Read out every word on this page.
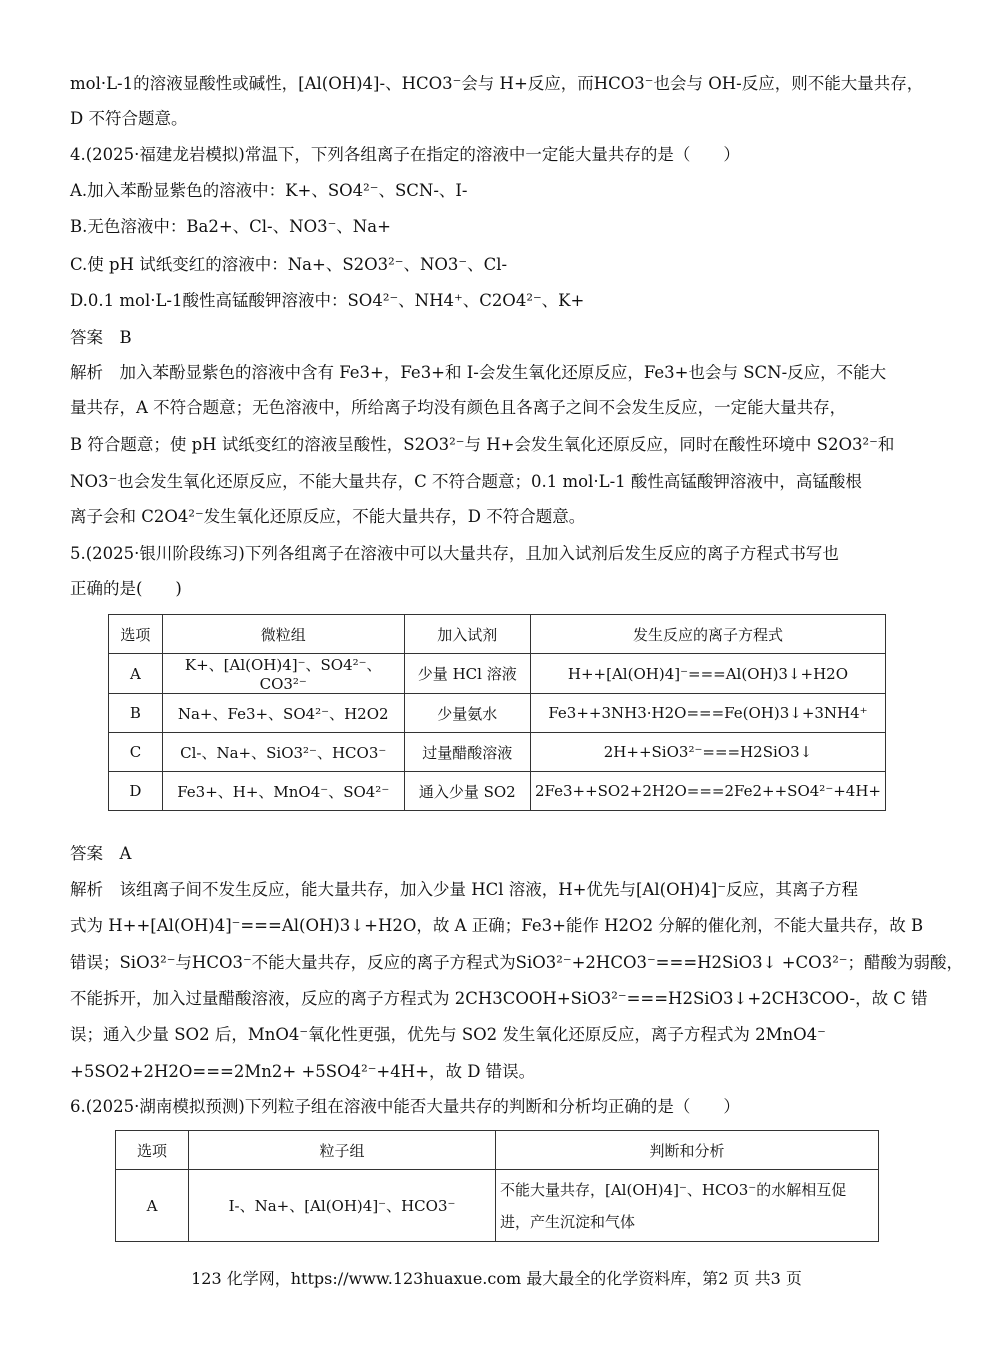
mol·L-1的溶液显酸性或碱性，[Al(OH)4]-、HCO3⁻会与 H+反应，而HCO3⁻也会与 OH-反应，则不能大量共存，
D 不符合题意。
4.(2025·福建龙岩模拟)常温下，下列各组离子在指定的溶液中一定能大量共存的是（　　）
A.加入苯酚显紫色的溶液中：K+、SO4²⁻、SCN-、I-
B.无色溶液中：Ba2+、Cl-、NO3⁻、Na+
C.使 pH 试纸变红的溶液中：Na+、S2O3²⁻、NO3⁻、Cl-
D.0.1 mol·L-1酸性高锰酸钾溶液中：SO4²⁻、NH4⁺、C2O4²⁻、K+
答案　B
解析　加入苯酚显紫色的溶液中含有 Fe3+，Fe3+和 I-会发生氧化还原反应，Fe3+也会与 SCN-反应，不能大
量共存，A 不符合题意；无色溶液中，所给离子均没有颜色且各离子之间不会发生反应，一定能大量共存，
B 符合题意；使 pH 试纸变红的溶液呈酸性，S2O3²⁻与 H+会发生氧化还原反应，同时在酸性环境中 S2O3²⁻和
NO3⁻也会发生氧化还原反应，不能大量共存，C 不符合题意；0.1 mol·L-1 酸性高锰酸钾溶液中，高锰酸根
离子会和 C2O4²⁻发生氧化还原反应，不能大量共存，D 不符合题意。
5.(2025·银川阶段练习)下列各组离子在溶液中可以大量共存，且加入试剂后发生反应的离子方程式书写也
正确的是(　　)
选项	微粒组	加入试剂	发生反应的离子方程式
A	K+、[Al(OH)4]⁻、SO4²⁻、CO3²⁻	少量 HCl 溶液	H++[Al(OH)4]⁻===Al(OH)3↓+H2O
B	Na+、Fe3+、SO4²⁻、H2O2	少量氨水	Fe3++3NH3·H2O===Fe(OH)3↓+3NH4⁺
C	Cl-、Na+、SiO3²⁻、HCO3⁻	过量醋酸溶液	2H++SiO3²⁻===H2SiO3↓
D	Fe3+、H+、MnO4⁻、SO4²⁻	通入少量 SO2	2Fe3++SO2+2H2O===2Fe2++SO4²⁻+4H+
答案　A
解析　该组离子间不发生反应，能大量共存，加入少量 HCl 溶液，H+优先与[Al(OH)4]⁻反应，其离子方程
式为 H++[Al(OH)4]⁻===Al(OH)3↓+H2O，故 A 正确；Fe3+能作 H2O2 分解的催化剂，不能大量共存，故 B
错误；SiO3²⁻与HCO3⁻不能大量共存，反应的离子方程式为SiO3²⁻+2HCO3⁻===H2SiO3↓ +CO3²⁻；醋酸为弱酸，
不能拆开，加入过量醋酸溶液，反应的离子方程式为 2CH3COOH+SiO3²⁻===H2SiO3↓+2CH3COO-，故 C 错
误；通入少量 SO2 后，MnO4⁻氧化性更强，优先与 SO2 发生氧化还原反应，离子方程式为 2MnO4⁻
+5SO2+2H2O===2Mn2+ +5SO4²⁻+4H+，故 D 错误。
6.(2025·湖南模拟预测)下列粒子组在溶液中能否大量共存的判断和分析均正确的是（　　）
选项	粒子组	判断和分析
A	I-、Na+、[Al(OH)4]⁻、HCO3⁻	不能大量共存，[Al(OH)4]⁻、HCO3⁻的水解相互促
进，产生沉淀和气体
123 化学网，https://www.123huaxue.com 最大最全的化学资料库，第2 页 共3 页
